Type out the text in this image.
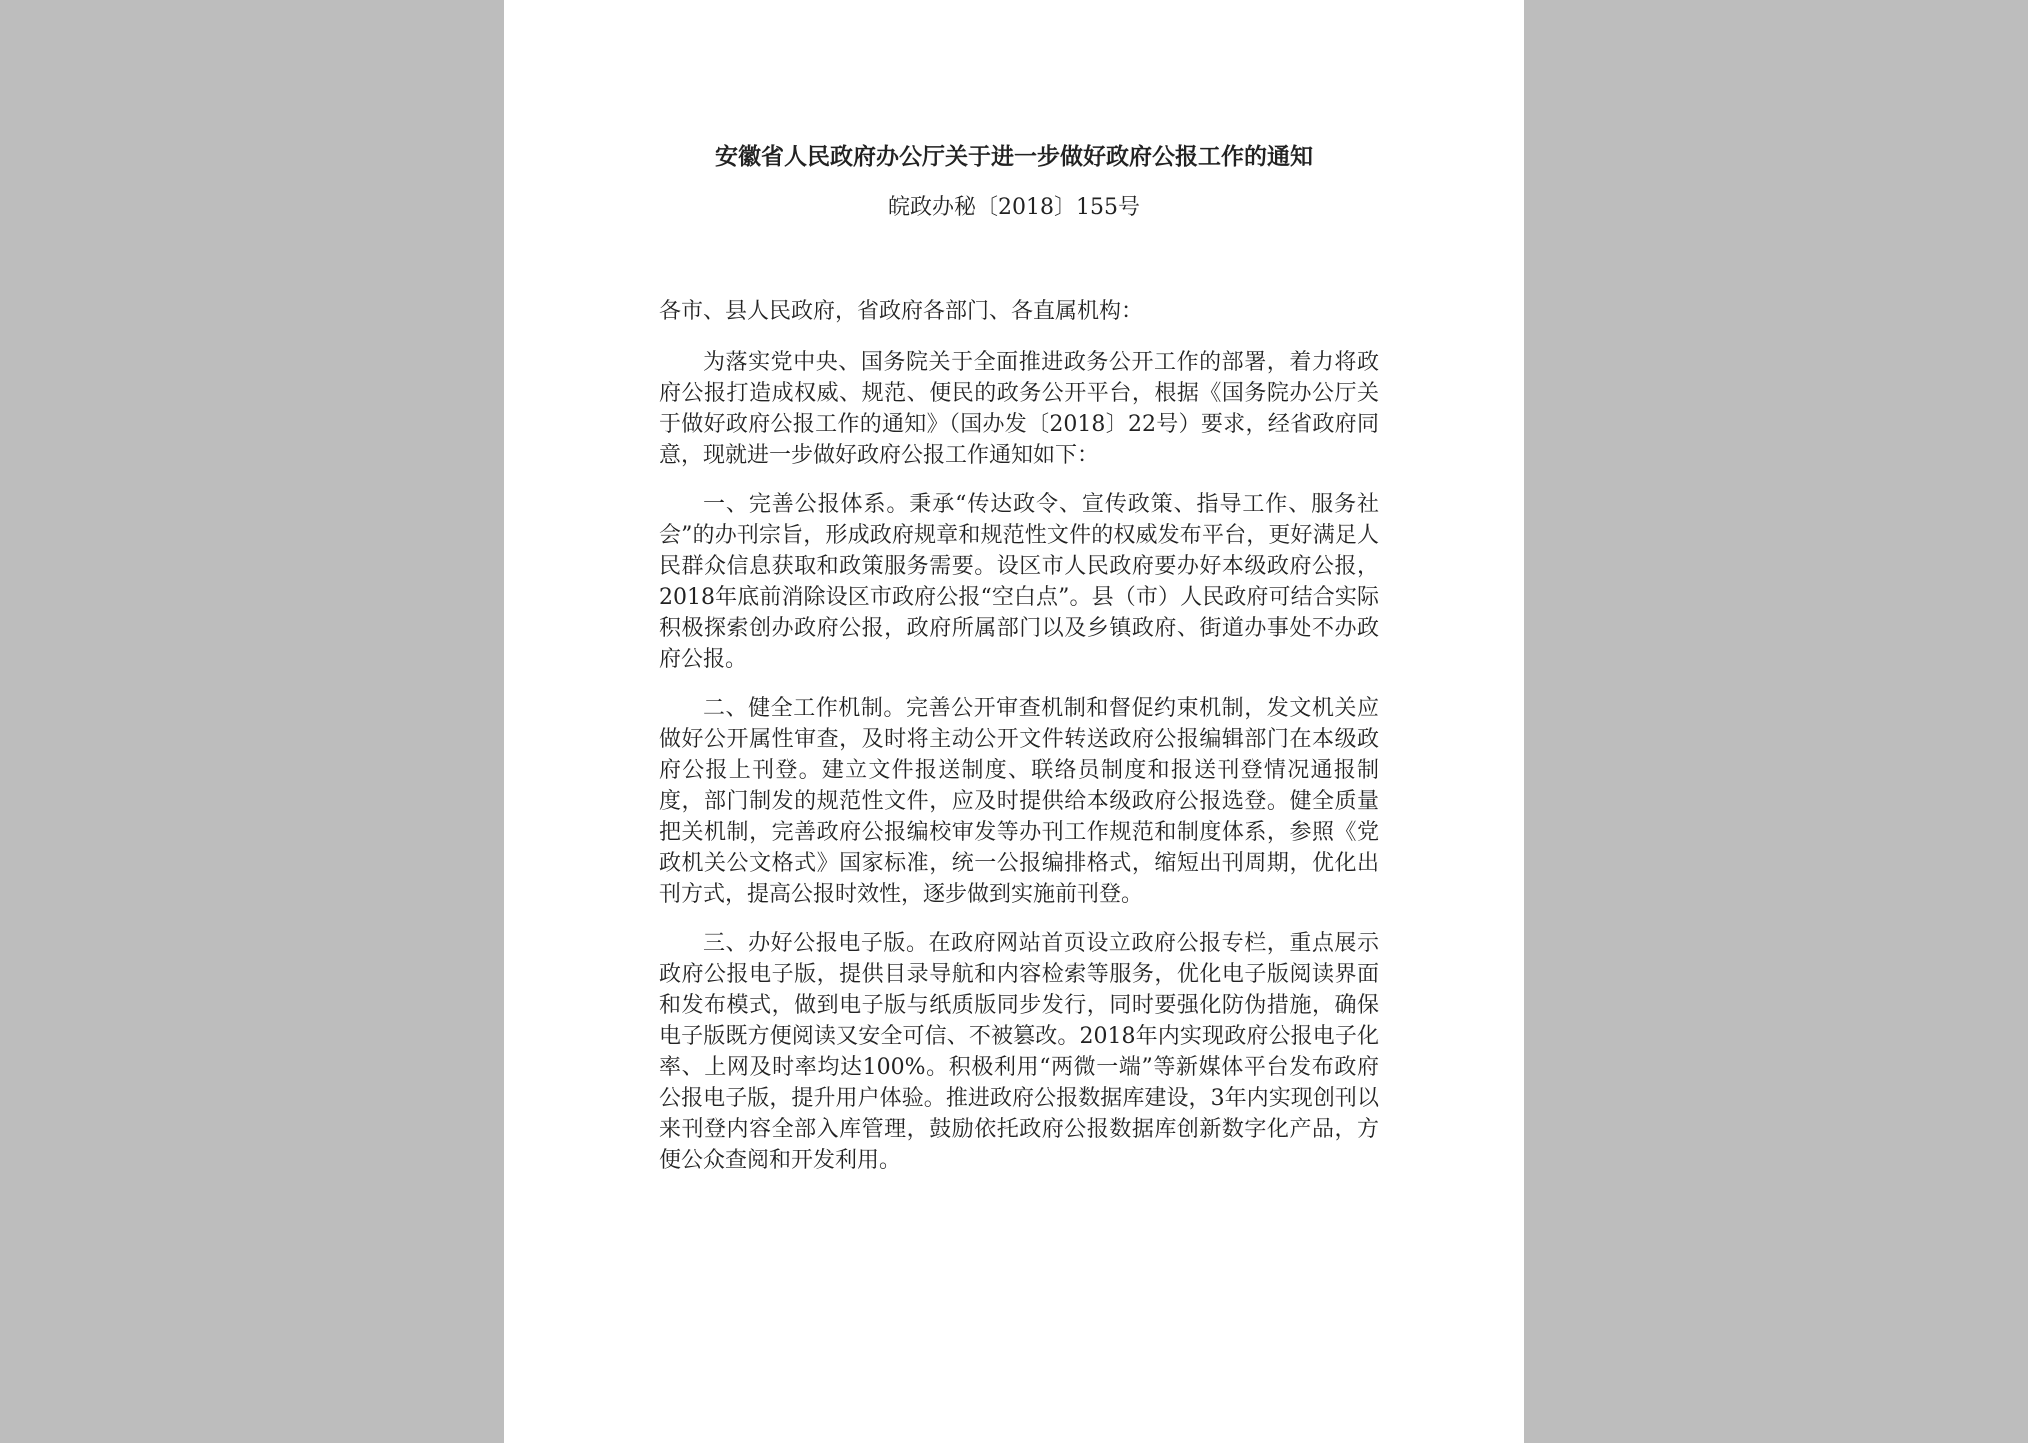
安徽省人民政府办公厅关于进一步做好政府公报工作的通知

皖政办秘〔2018〕155号

各市、县人民政府，省政府各部门、各直属机构：

为落实党中央、国务院关于全面推进政务公开工作的部署，着力将政府公报打造成权威、规范、便民的政务公开平台，根据《国务院办公厅关于做好政府公报工作的通知》（国办发〔2018〕22号）要求，经省政府同意，现就进一步做好政府公报工作通知如下：

一、完善公报体系。秉承“传达政令、宣传政策、指导工作、服务社会”的办刊宗旨，形成政府规章和规范性文件的权威发布平台，更好满足人民群众信息获取和政策服务需要。设区市人民政府要办好本级政府公报，2018年底前消除设区市政府公报“空白点”。县（市）人民政府可结合实际积极探索创办政府公报，政府所属部门以及乡镇政府、街道办事处不办政府公报。

二、健全工作机制。完善公开审查机制和督促约束机制，发文机关应做好公开属性审查，及时将主动公开文件转送政府公报编辑部门在本级政府公报上刊登。建立文件报送制度、联络员制度和报送刊登情况通报制度，部门制发的规范性文件，应及时提供给本级政府公报选登。健全质量把关机制，完善政府公报编校审发等办刊工作规范和制度体系，参照《党政机关公文格式》国家标准，统一公报编排格式，缩短出刊周期，优化出刊方式，提高公报时效性，逐步做到实施前刊登。

三、办好公报电子版。在政府网站首页设立政府公报专栏，重点展示政府公报电子版，提供目录导航和内容检索等服务，优化电子版阅读界面和发布模式，做到电子版与纸质版同步发行，同时要强化防伪措施，确保电子版既方便阅读又安全可信、不被篡改。2018年内实现政府公报电子化率、上网及时率均达100%。积极利用“两微一端”等新媒体平台发布政府公报电子版，提升用户体验。推进政府公报数据库建设，3年内实现创刊以来刊登内容全部入库管理，鼓励依托政府公报数据库创新数字化产品，方便公众查阅和开发利用。
